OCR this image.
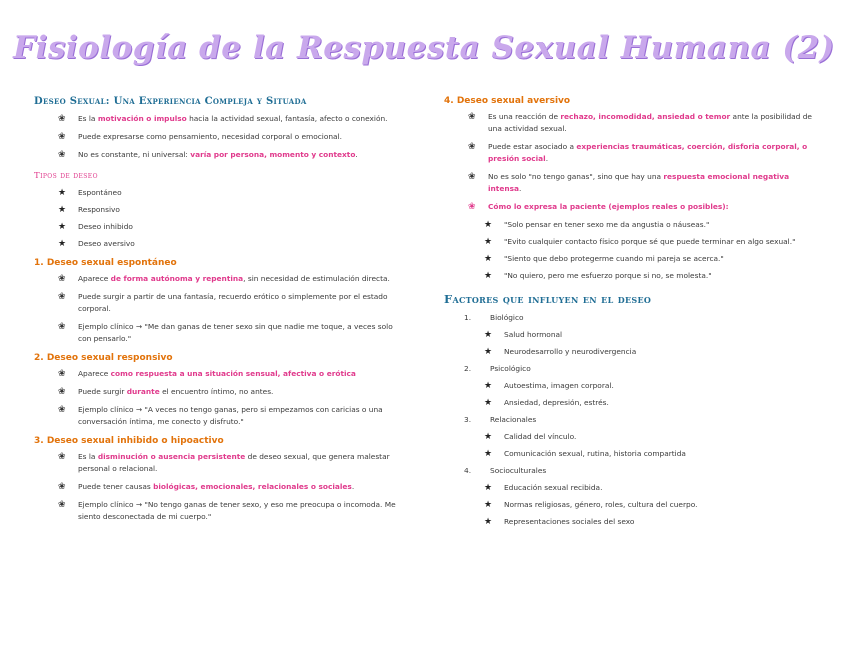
Fisiología de la Respuesta Sexual Humana (2)
Deseo Sexual: Una Experiencia Compleja y Situada
❀ Es la motivación o impulso hacia la actividad sexual, fantasía, afecto o conexión.
❀ Puede expresarse como pensamiento, necesidad corporal o emocional.
❀ No es constante, ni universal: varía por persona, momento y contexto.
Tipos de deseo
★ Espontáneo
★ Responsivo
★ Deseo inhibido
★ Deseo aversivo
1. Deseo sexual espontáneo
❀ Aparece de forma autónoma y repentina, sin necesidad de estimulación directa.
❀ Puede surgir a partir de una fantasía, recuerdo erótico o simplemente por el estado corporal.
❀ Ejemplo clínico → "Me dan ganas de tener sexo sin que nadie me toque, a veces solo con pensarlo."
2. Deseo sexual responsivo
❀ Aparece como respuesta a una situación sensual, afectiva o erótica
❀ Puede surgir durante el encuentro íntimo, no antes.
❀ Ejemplo clínico → "A veces no tengo ganas, pero si empezamos con caricias o una conversación íntima, me conecto y disfruto."
3. Deseo sexual inhibido o hipoactivo
❀ Es la disminución o ausencia persistente de deseo sexual, que genera malestar personal o relacional.
❀ Puede tener causas biológicas, emocionales, relacionales o sociales.
❀ Ejemplo clínico → "No tengo ganas de tener sexo, y eso me preocupa o incomoda. Me siento desconectada de mi cuerpo."
4. Deseo sexual aversivo
❀ Es una reacción de rechazo, incomodidad, ansiedad o temor ante la posibilidad de una actividad sexual.
❀ Puede estar asociado a experiencias traumáticas, coerción, disforia corporal, o presión social.
❀ No es solo "no tengo ganas", sino que hay una respuesta emocional negativa intensa.
❀ Cómo lo expresa la paciente (ejemplos reales o posibles):
★ "Solo pensar en tener sexo me da angustia o náuseas."
★ "Evito cualquier contacto físico porque sé que puede terminar en algo sexual."
★ "Siento que debo protegerme cuando mi pareja se acerca."
★ "No quiero, pero me esfuerzo porque si no, se molesta."
Factores que influyen en el deseo
1.	Biológico
★ Salud hormonal
★ Neurodesarrollo y neurodivergencia
2.	Psicológico
★ Autoestima, imagen corporal.
★ Ansiedad, depresión, estrés.
3.	Relacionales
★ Calidad del vínculo.
★ Comunicación sexual, rutina, historia compartida
4.	Socioculturales
★ Educación sexual recibida.
★ Normas religiosas, género, roles, cultura del cuerpo.
★ Representaciones sociales del sexo
